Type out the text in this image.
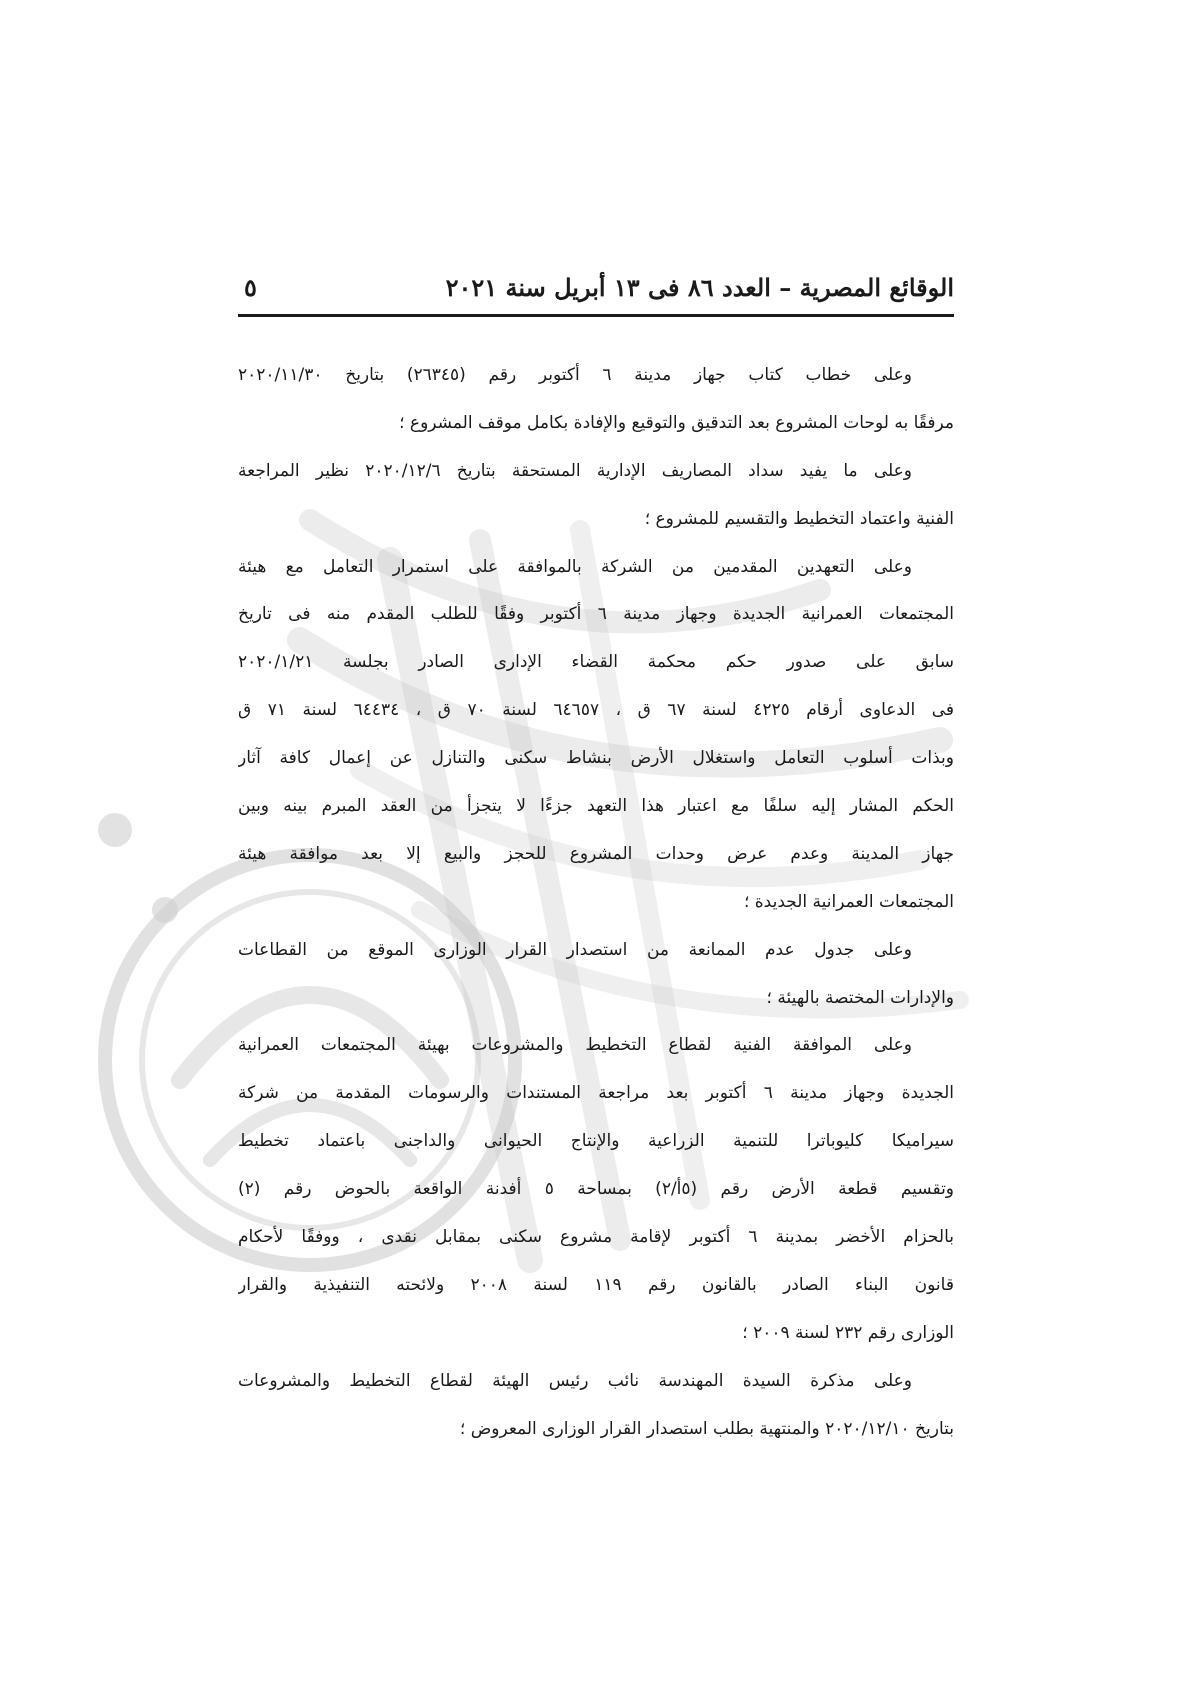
الوقائع المصرية – العدد ٨٦ فى ١٣ أبريل سنة ٢٠٢١
٥
وعلى خطاب كتاب جهاز مدينة ٦ أكتوبر رقم (٢٦٣٤٥) بتاريخ ٢٠٢٠/١١/٣٠
مرفقًا به لوحات المشروع بعد التدقيق والتوقيع والإفادة بكامل موقف المشروع ؛
وعلى ما يفيد سداد المصاريف الإدارية المستحقة بتاريخ ٢٠٢٠/١٢/٦ نظير المراجعة
الفنية واعتماد التخطيط والتقسيم للمشروع ؛
وعلى التعهدين المقدمين من الشركة بالموافقة على استمرار التعامل مع هيئة
المجتمعات العمرانية الجديدة وجهاز مدينة ٦ أكتوبر وفقًا للطلب المقدم منه فى تاريخ
سابق على صدور حكم محكمة القضاء الإدارى الصادر بجلسة ٢٠٢٠/١/٢١
فى الدعاوى أرقام ٤٢٢٥ لسنة ٦٧ ق ، ٦٤٦٥٧ لسنة ٧٠ ق ، ٦٤٤٣٤ لسنة ٧١ ق
وبذات أسلوب التعامل واستغلال الأرض بنشاط سكنى والتنازل عن إعمال كافة آثار
الحكم المشار إليه سلفًا مع اعتبار هذا التعهد جزءًا لا يتجزأ من العقد المبرم بينه وبين
جهاز المدينة وعدم عرض وحدات المشروع للحجز والبيع إلا بعد موافقة هيئة
المجتمعات العمرانية الجديدة ؛
وعلى جدول عدم الممانعة من استصدار القرار الوزارى الموقع من القطاعات
والإدارات المختصة بالهيئة ؛
وعلى الموافقة الفنية لقطاع التخطيط والمشروعات بهيئة المجتمعات العمرانية
الجديدة وجهاز مدينة ٦ أكتوبر بعد مراجعة المستندات والرسومات المقدمة من شركة
سيراميكا كليوباترا للتنمية الزراعية والإنتاج الحيوانى والداجنى باعتماد تخطيط
وتقسيم قطعة الأرض رقم (٥أ/٢) بمساحة ٥ أفدنة الواقعة بالحوض رقم (٢)
بالحزام الأخضر بمدينة ٦ أكتوبر لإقامة مشروع سكنى بمقابل نقدى ، ووفقًا لأحكام
قانون البناء الصادر بالقانون رقم ١١٩ لسنة ٢٠٠٨ ولائحته التنفيذية والقرار
الوزارى رقم ٢٣٢ لسنة ٢٠٠٩ ؛
وعلى مذكرة السيدة المهندسة نائب رئيس الهيئة لقطاع التخطيط والمشروعات
بتاريخ ٢٠٢٠/١٢/١٠ والمنتهية بطلب استصدار القرار الوزارى المعروض ؛
